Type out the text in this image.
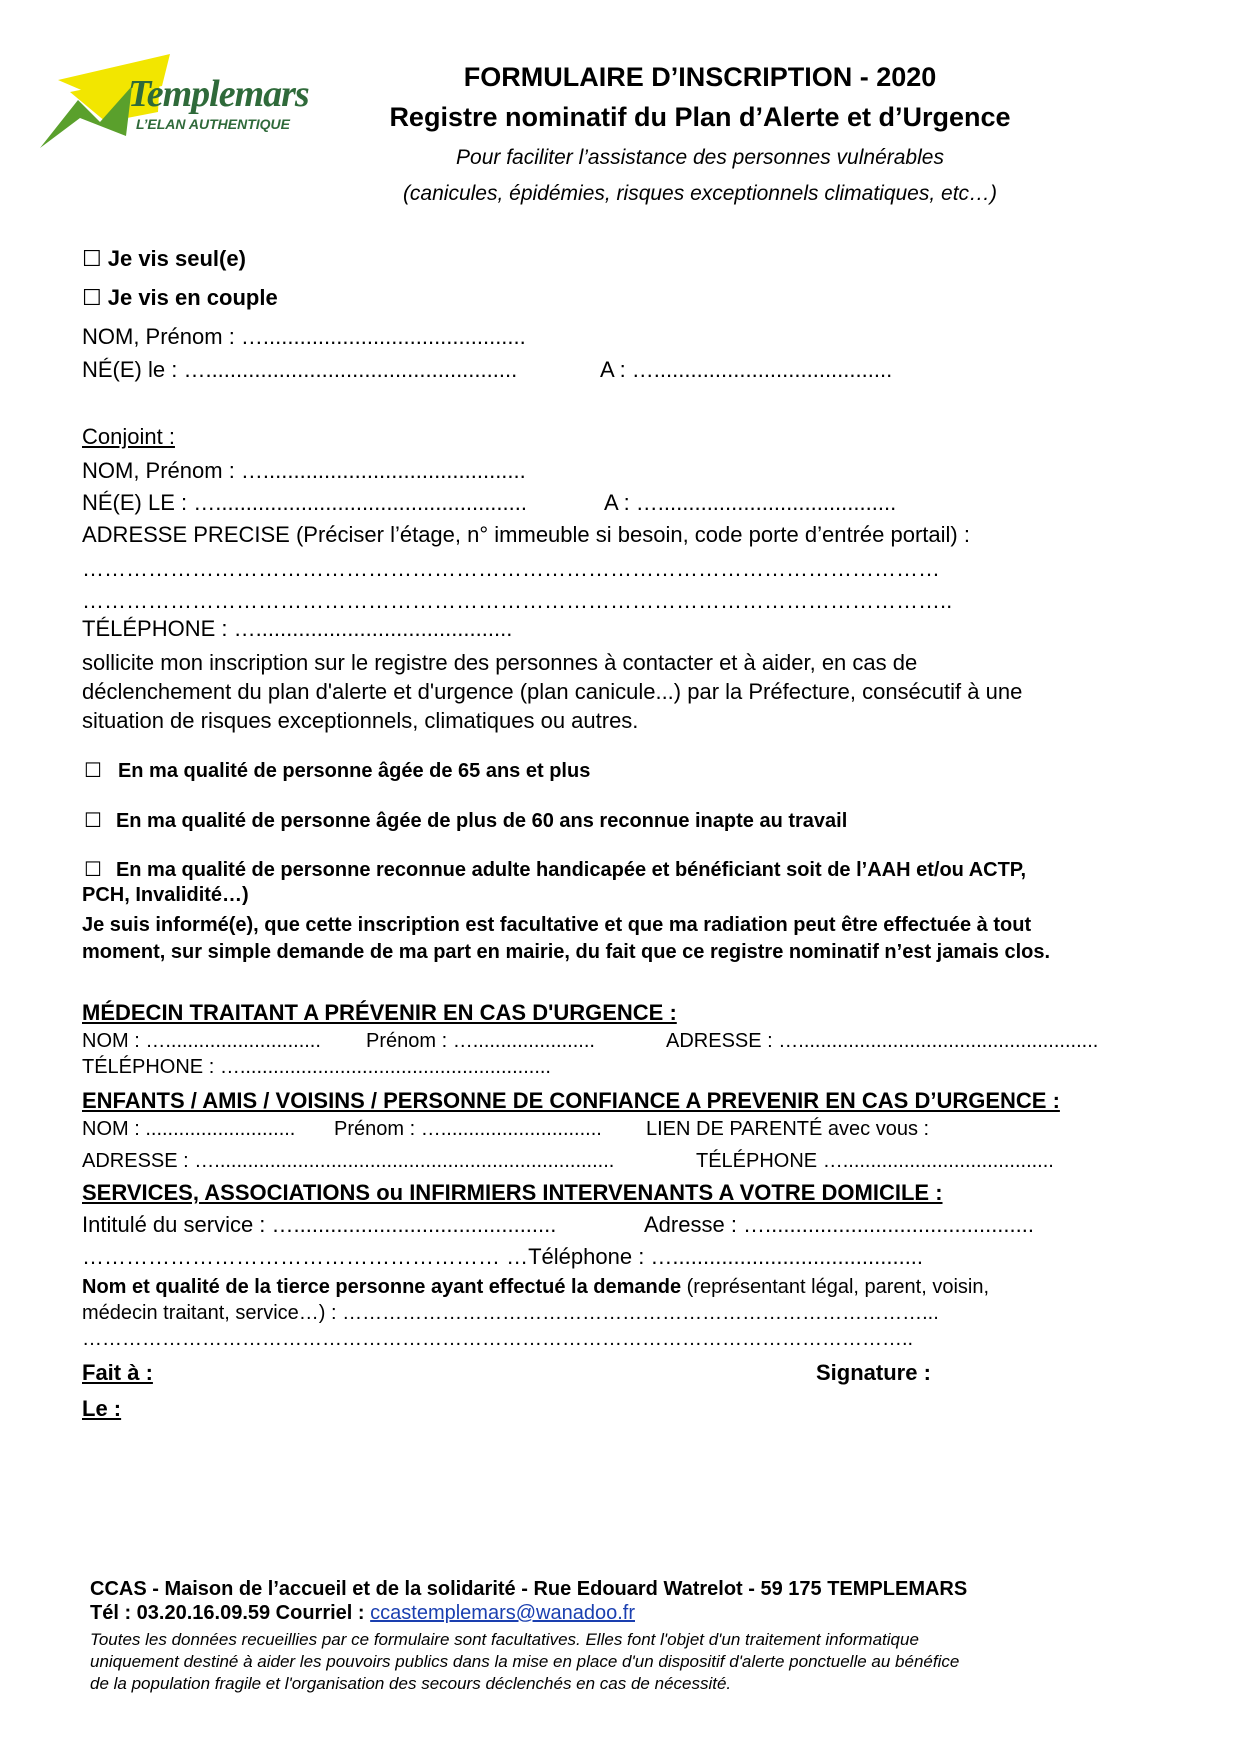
Templemars
L’ELAN AUTHENTIQUE
FORMULAIRE D’INSCRIPTION - 2020
Registre nominatif du Plan d’Alerte et d’Urgence
Pour faciliter l’assistance des personnes vulnérables
(canicules, épidémies, risques exceptionnels climatiques, etc…)
☐ Je vis seul(e)
☐ Je vis en couple
NOM, Prénom : …...........................................
NÉ(E) le : …...................................................	A : ….......................................
Conjoint :
NOM, Prénom : …...........................................
NÉ(E) LE : …...................................................	A : ….......................................
ADRESSE PRECISE (Préciser l’étage, n° immeuble si besoin, code porte d’entrée portail) :
………………………………………………………………………………………………………
………………………………………………………………………………………………………..
TÉLÉPHONE : …..........................................
sollicite mon inscription sur le registre des personnes à contacter et à aider, en cas de
déclenchement du plan d'alerte et d'urgence (plan canicule...) par la Préfecture, consécutif à une
situation de risques exceptionnels, climatiques ou autres.
☐ En ma qualité de personne âgée de 65 ans et plus
☐ En ma qualité de personne âgée de plus de 60 ans reconnue inapte au travail
☐ En ma qualité de personne reconnue adulte handicapée et bénéficiant soit de l’AAH et/ou ACTP,
PCH, Invalidité…)
Je suis informé(e), que cette inscription est facultative et que ma radiation peut être effectuée à tout
moment, sur simple demande de ma part en mairie, du fait que ce registre nominatif n’est jamais clos.
MÉDECIN TRAITANT A PRÉVENIR EN CAS D'URGENCE :
NOM : …............................ Prénom : …......................	ADRESSE : …......................................................
TÉLÉPHONE : …........................................................
ENFANTS / AMIS / VOISINS / PERSONNE DE CONFIANCE A PREVENIR EN CAS D’URGENCE :
NOM : ........................... Prénom : …............................. LIEN DE PARENTÉ avec vous :
ADRESSE : …........................................................................	TÉLÉPHONE …......................................
SERVICES, ASSOCIATIONS ou INFIRMIERS INTERVENANTS A VOTRE DOMICILE :
Intitulé du service : …...........................................	Adresse : …............................................
………………………………………………… …Téléphone : ….........................................
Nom et qualité de la tierce personne ayant effectué la demande (représentant légal, parent, voisin,
médecin traitant, service…) : ……………………………………………………………………………...
……………………………………………………………………………………………………………..
Fait à :	Signature :
Le :
CCAS - Maison de l’accueil et de la solidarité - Rue Edouard Watrelot - 59 175 TEMPLEMARS
Tél : 03.20.16.09.59 Courriel : ccastemplemars@wanadoo.fr
Toutes les données recueillies par ce formulaire sont facultatives. Elles font l'objet d'un traitement informatique
uniquement destiné à aider les pouvoirs publics dans la mise en place d'un dispositif d'alerte ponctuelle au bénéfice
de la population fragile et l'organisation des secours déclenchés en cas de nécessité.
